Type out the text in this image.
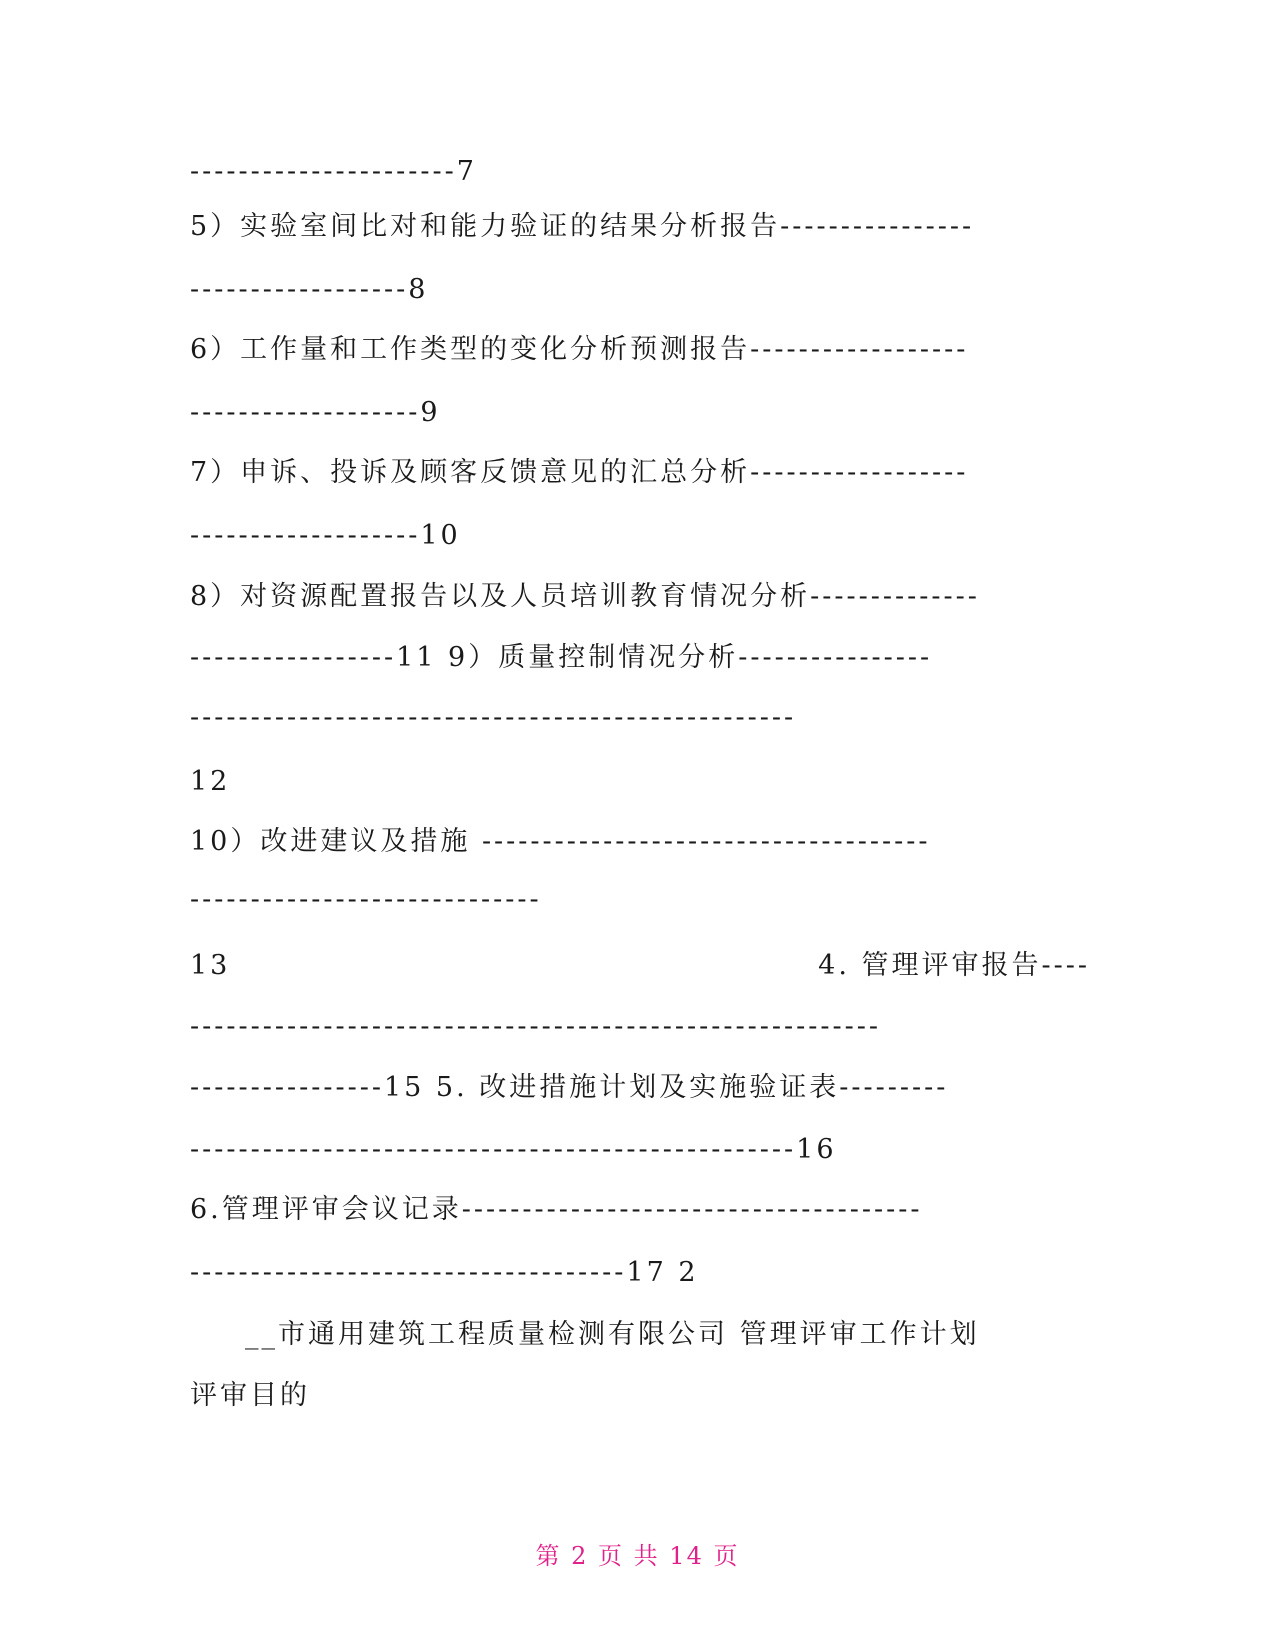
----------------------7
5）实验室间比对和能力验证的结果分析报告----------------
------------------8
6）工作量和工作类型的变化分析预测报告------------------
-------------------9
7）申诉、投诉及顾客反馈意见的汇总分析------------------
-------------------10
8）对资源配置报告以及人员培训教育情况分析--------------
-----------------11 9）质量控制情况分析----------------
--------------------------------------------------
12
10）改进建议及措施 -------------------------------------
-----------------------------
13	4. 管理评审报告----
---------------------------------------------------------
----------------15 5. 改进措施计划及实施验证表---------
--------------------------------------------------16
6.管理评审会议记录--------------------------------------
------------------------------------17 2
__市通用建筑工程质量检测有限公司 管理评审工作计划
评审目的
第 2 页 共 14 页
